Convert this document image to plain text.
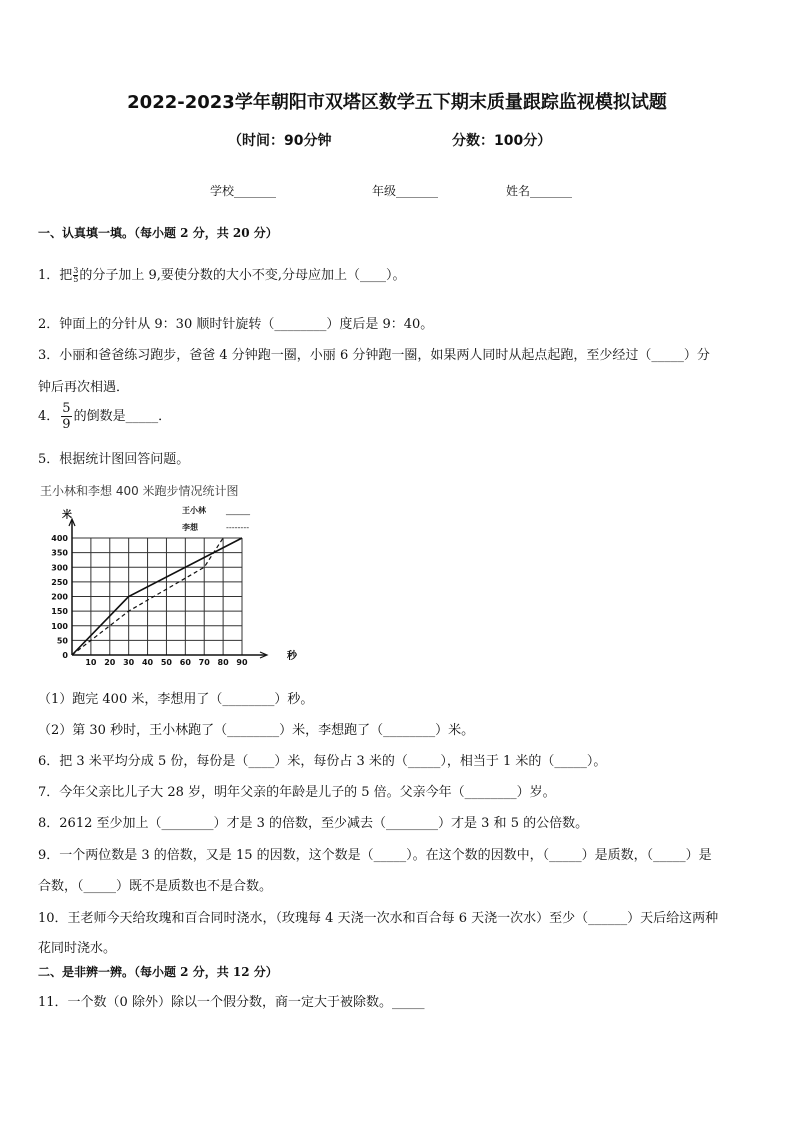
2022-2023学年朝阳市双塔区数学五下期末质量跟踪监视模拟试题
（时间：90分钟	分数：100分）
学校_______	年级_______	姓名_______
一、认真填一填。（每小题 2 分，共 20 分）
1．把 $\frac{3}{5}$ 的分子加上 9,要使分数的大小不变,分母应加上（____）。
2．钟面上的分针从 9：30 顺时针旋转（________）度后是 9：40。
3．小丽和爸爸练习跑步，爸爸 4 分钟跑一圈，小丽 6 分钟跑一圈，如果两人同时从起点起跑，至少经过（_____）分
钟后再次相遇．
4． $\frac{5}{9}$ 的倒数是_____．
5．根据统计图回答问题。
王小林和李想 400 米跑步情况统计图
米
秒
王小林	______
李想	--------
0
50
100
150
200
250
300
350
400
10 20 30 40 50 60 70 80 90
（1）跑完 400 米，李想用了（________）秒。
（2）第 30 秒时，王小林跑了（________）米，李想跑了（________）米。
6．把 3 米平均分成 5 份，每份是（____）米，每份占 3 米的（_____），相当于 1 米的（_____）。
7．今年父亲比儿子大 28 岁，明年父亲的年龄是儿子的 5 倍。父亲今年（________）岁。
8．2612 至少加上（________）才是 3 的倍数，至少减去（________）才是 3 和 5 的公倍数。
9．一个两位数是 3 的倍数，又是 15 的因数，这个数是（_____）。在这个数的因数中，（_____）是质数，（_____）是
合数，（_____）既不是质数也不是合数。
10．王老师今天给玫瑰和百合同时浇水，（玫瑰每 4 天浇一次水和百合每 6 天浇一次水）至少（______）天后给这两种
花同时浇水。
二、是非辨一辨。（每小题 2 分，共 12 分）
11．一个数（0 除外）除以一个假分数，商一定大于被除数。_____
